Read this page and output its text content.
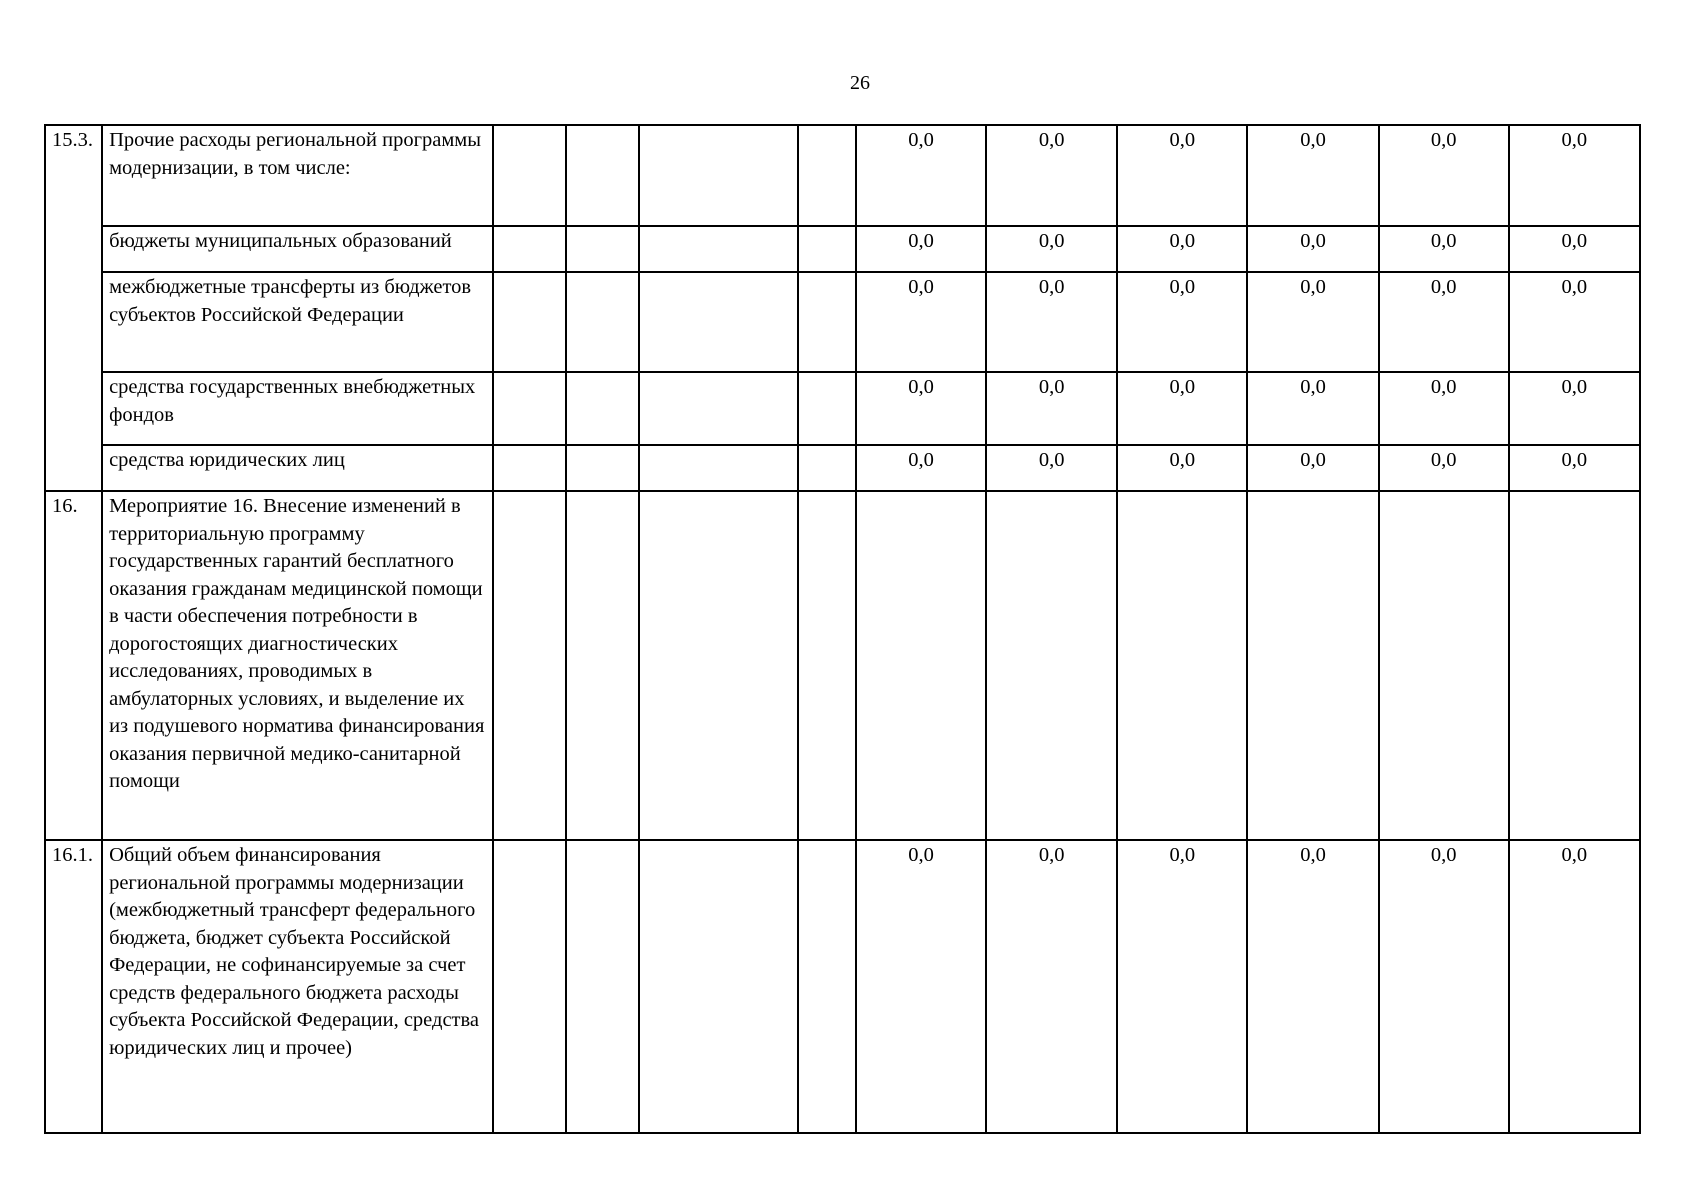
26
15.3.	Прочие расходы региональной программы модернизации, в том числе:					0,0	0,0	0,0	0,0	0,0	0,0
	бюджеты муниципальных образований					0,0	0,0	0,0	0,0	0,0	0,0
	межбюджетные трансферты из бюджетов субъектов Российской Федерации					0,0	0,0	0,0	0,0	0,0	0,0
	средства государственных внебюджетных фондов					0,0	0,0	0,0	0,0	0,0	0,0
	средства юридических лиц					0,0	0,0	0,0	0,0	0,0	0,0
16.	Мероприятие 16. Внесение изменений в территориальную программу государственных гарантий бесплатного оказания гражданам медицинской помощи в части обеспечения потребности в дорогостоящих диагностических исследованиях, проводимых в амбулаторных условиях, и выделение их из подушевого норматива финансирования оказания первичной медико-санитарной помощи										
16.1.	Общий объем финансирования региональной программы модернизации (межбюджетный трансферт федерального бюджета, бюджет субъекта Российской Федерации, не софинансируемые за счет средств федерального бюджета расходы субъекта Российской Федерации, средства юридических лиц и прочее)					0,0	0,0	0,0	0,0	0,0	0,0
